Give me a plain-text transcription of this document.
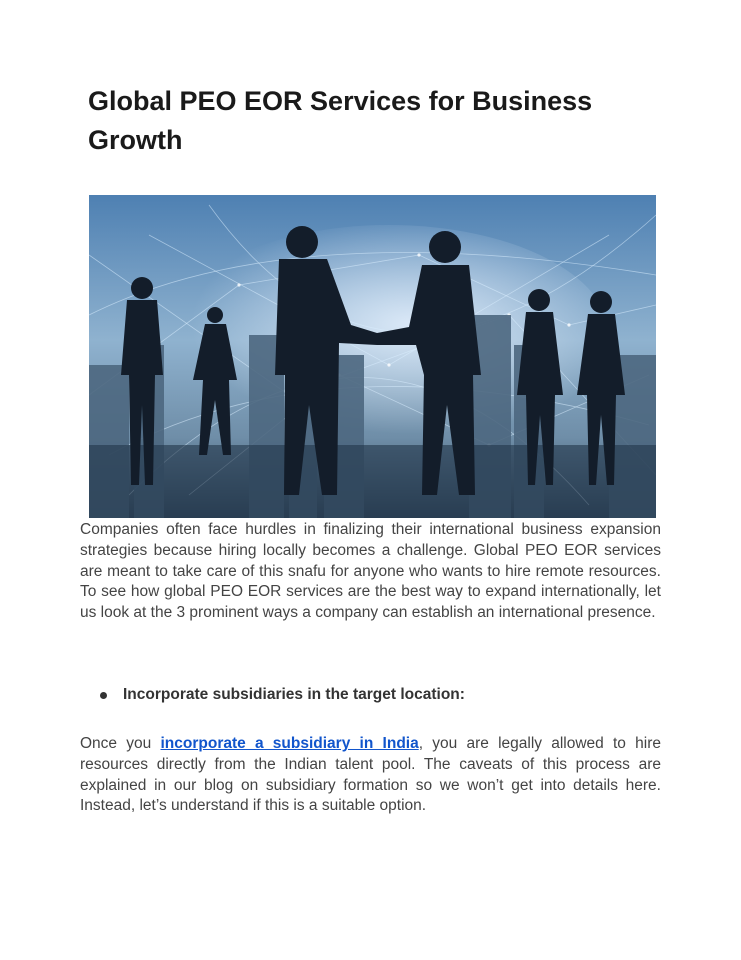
Global PEO EOR Services for Business Growth

Companies often face hurdles in finalizing their international business expansion strategies because hiring locally becomes a challenge. Global PEO EOR services are meant to take care of this snafu for anyone who wants to hire remote resources. To see how global PEO EOR services are the best way to expand internationally, let us look at the 3 prominent ways a company can establish an international presence.

Incorporate subsidiaries in the target location:

Once you incorporate a subsidiary in India, you are legally allowed to hire resources directly from the Indian talent pool. The caveats of this process are explained in our blog on subsidiary formation so we won’t get into details here. Instead, let’s understand if this is a suitable option.
